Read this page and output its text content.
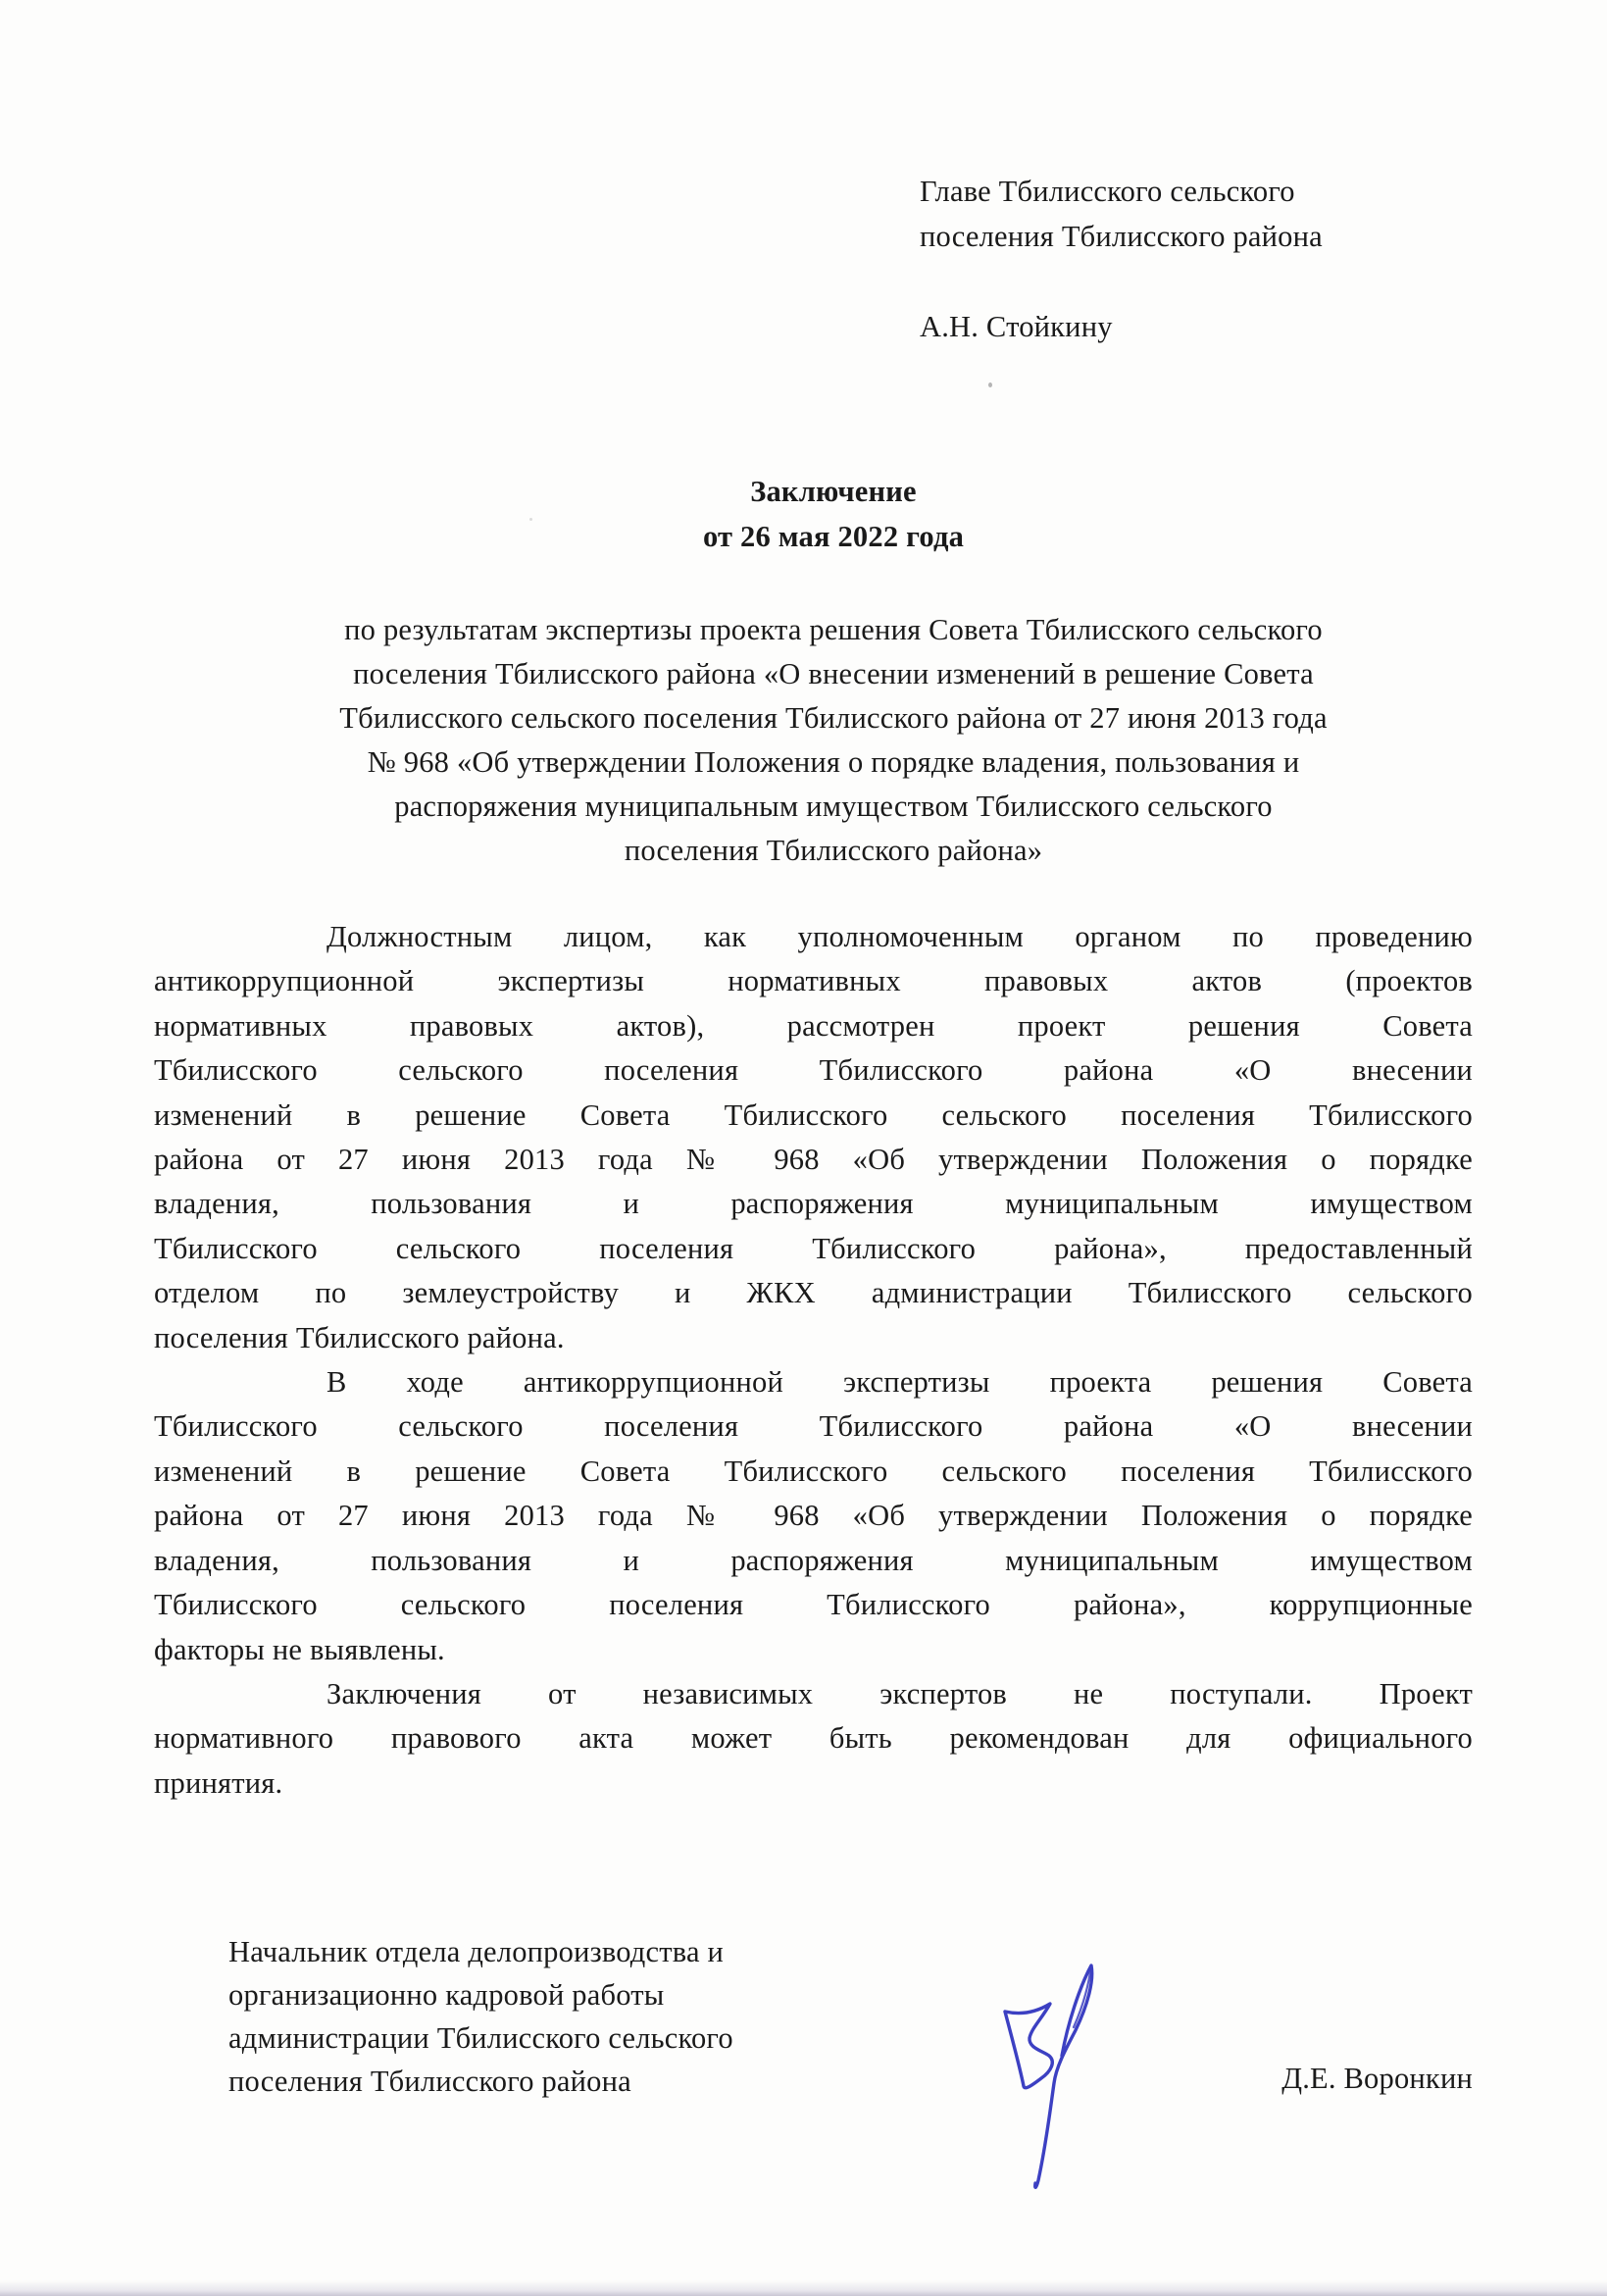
Главе Тбилисского сельского
поселения Тбилисского района
А.Н. Стойкину
Заключение
от 26 мая 2022 года
по результатам экспертизы проекта решения Совета Тбилисского сельского
поселения Тбилисского района «О внесении изменений в решение Совета
Тбилисского сельского поселения Тбилисского района от 27 июня 2013 года
№ 968 «Об утверждении Положения о порядке владения, пользования и
распоряжения муниципальным имуществом Тбилисского сельского
поселения Тбилисского района»
Должностным лицом, как уполномоченным органом по проведению
антикоррупционной экспертизы нормативных правовых актов (проектов
нормативных правовых актов), рассмотрен проект решения Совета
Тбилисского сельского поселения Тбилисского района «О внесении
изменений в решение Совета Тбилисского сельского поселения Тбилисского
района от 27 июня 2013 года № 968 «Об утверждении Положения о порядке
владения, пользования и распоряжения муниципальным имуществом
Тбилисского сельского поселения Тбилисского района», предоставленный
отделом по землеустройству и ЖКХ администрации Тбилисского сельского
поселения Тбилисского района.
В ходе антикоррупционной экспертизы проекта решения Совета
Тбилисского сельского поселения Тбилисского района «О внесении
изменений в решение Совета Тбилисского сельского поселения Тбилисского
района от 27 июня 2013 года № 968 «Об утверждении Положения о порядке
владения, пользования и распоряжения муниципальным имуществом
Тбилисского сельского поселения Тбилисского района», коррупционные
факторы не выявлены.
Заключения от независимых экспертов не поступали. Проект
нормативного правового акта может быть рекомендован для официального
принятия.
Начальник отдела делопроизводства и
организационно кадровой работы
администрации Тбилисского сельского
поселения Тбилисского района	Д.Е. Воронкин
